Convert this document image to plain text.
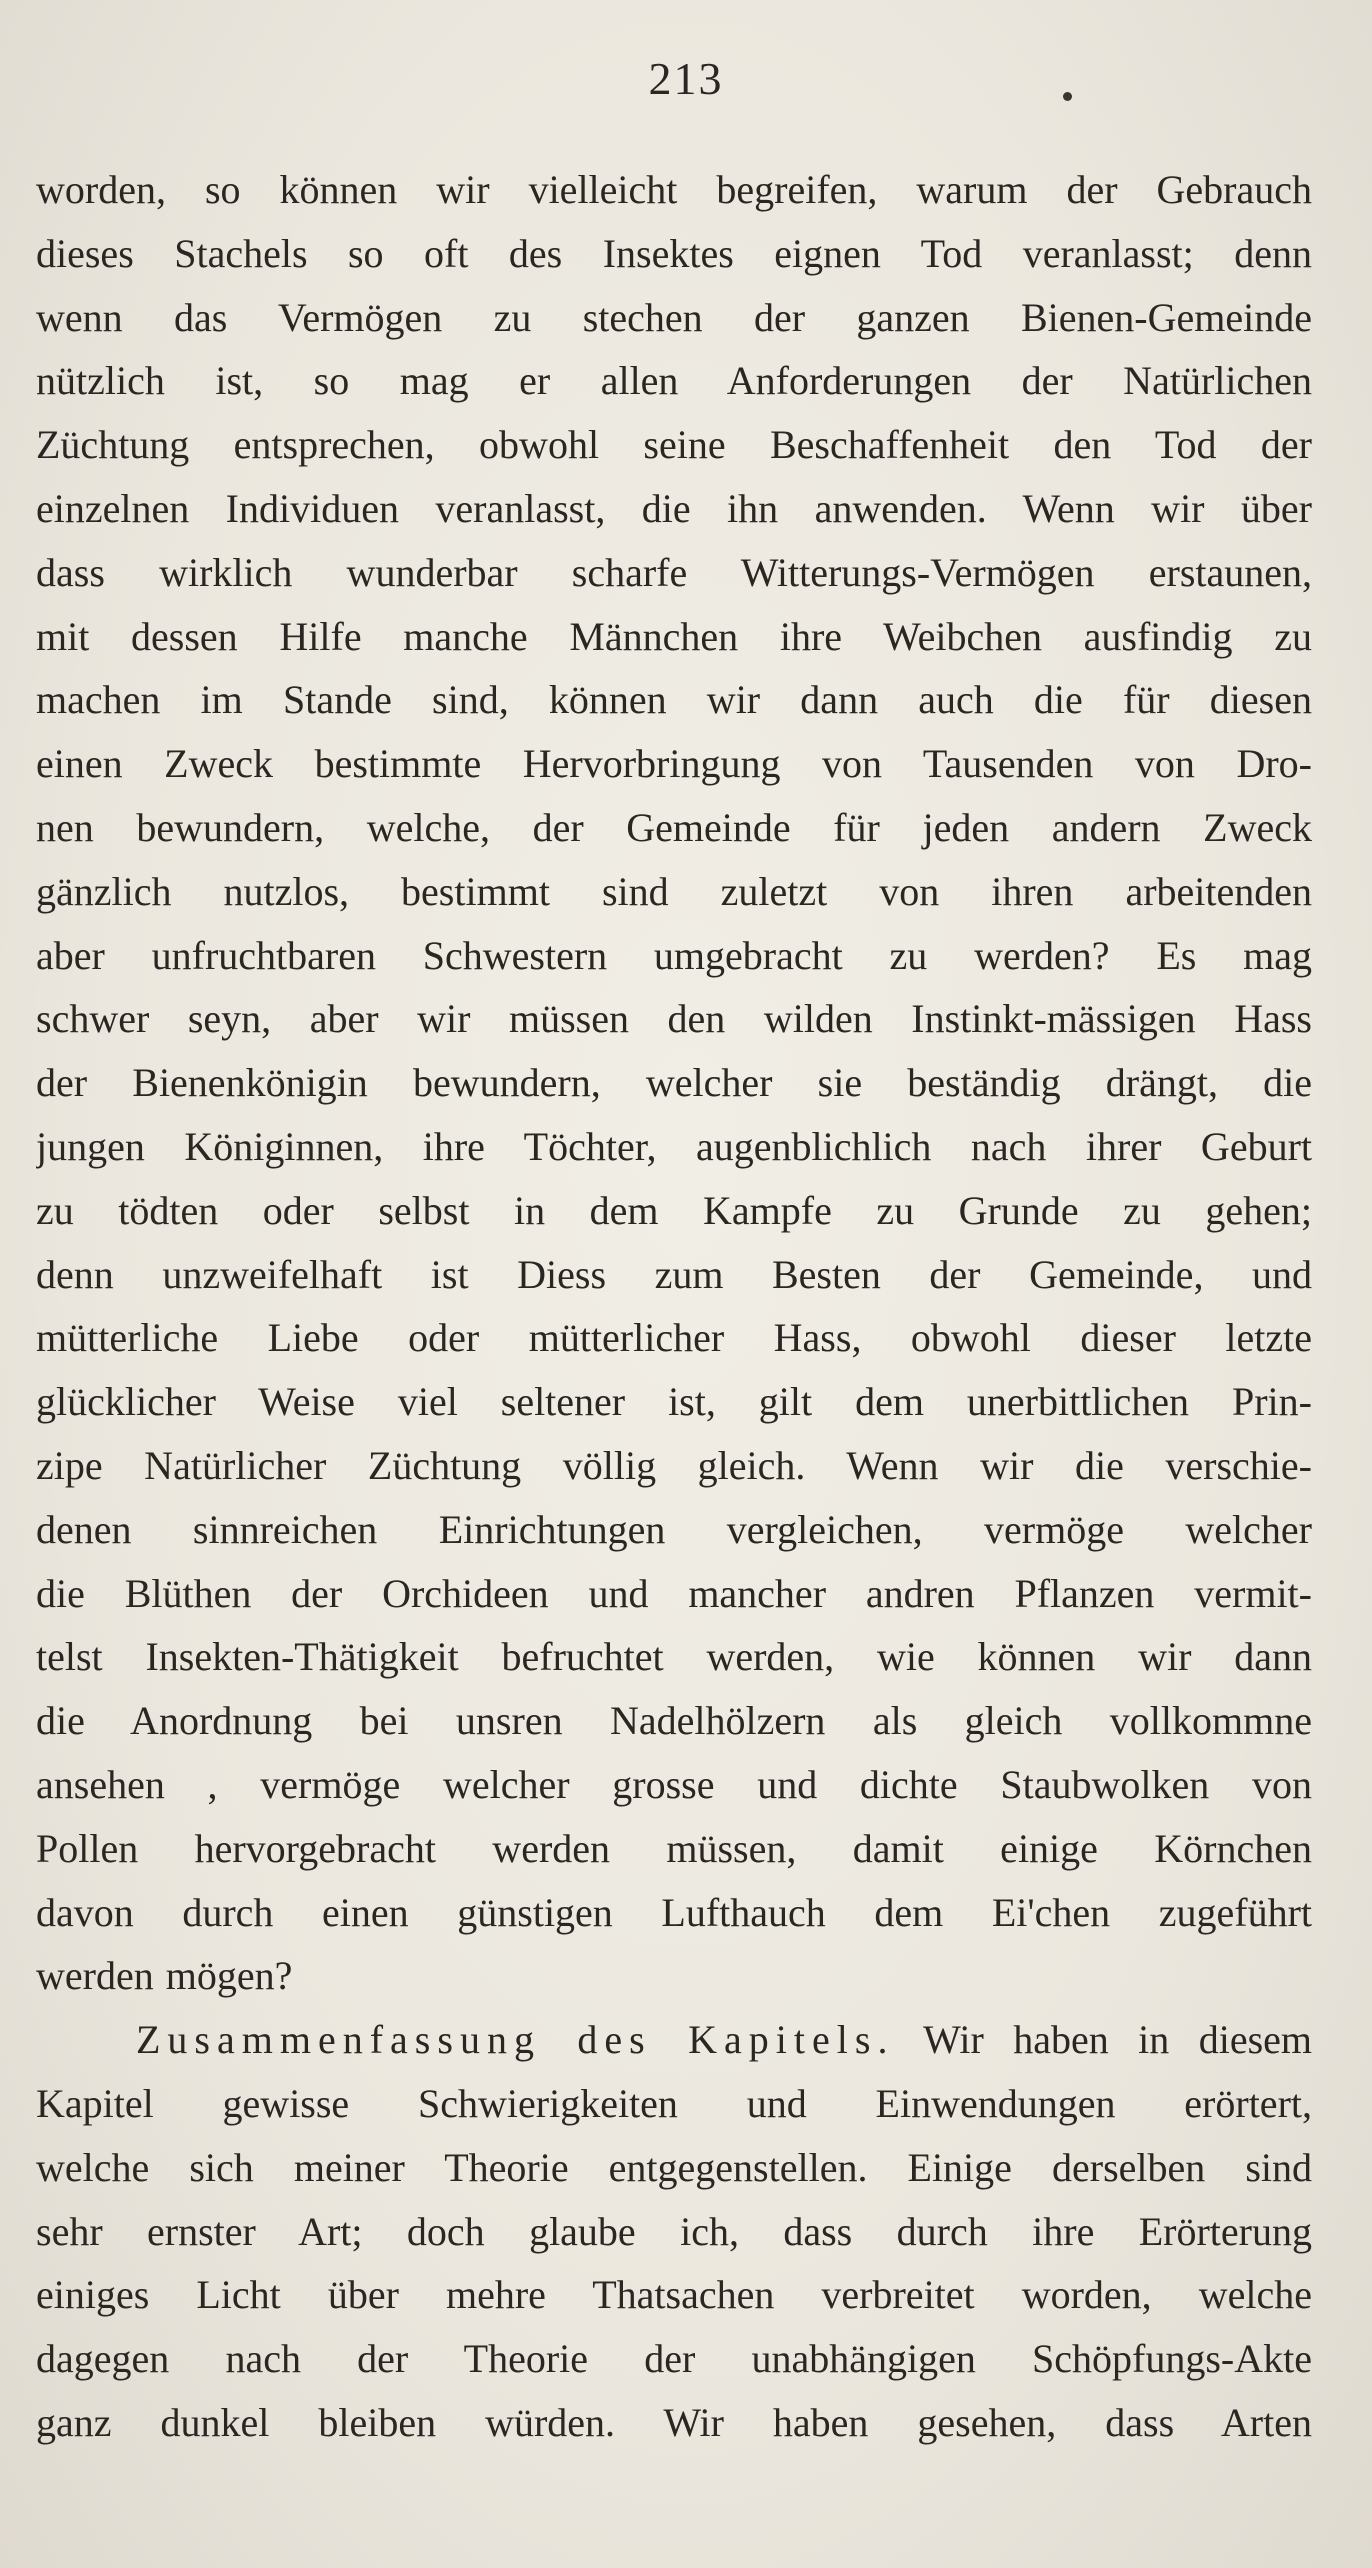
213
worden, so können wir vielleicht begreifen, warum der Gebrauch
dieses Stachels so oft des Insektes eignen Tod veranlasst; denn
wenn das Vermögen zu stechen der ganzen Bienen-Gemeinde
nützlich ist, so mag er allen Anforderungen der Natürlichen
Züchtung entsprechen, obwohl seine Beschaffenheit den Tod der
einzelnen Individuen veranlasst, die ihn anwenden. Wenn wir über
dass wirklich wunderbar scharfe Witterungs-Vermögen erstaunen,
mit dessen Hilfe manche Männchen ihre Weibchen ausfindig zu
machen im Stande sind, können wir dann auch die für diesen
einen Zweck bestimmte Hervorbringung von Tausenden von Dro-
nen bewundern, welche, der Gemeinde für jeden andern Zweck
gänzlich nutzlos, bestimmt sind zuletzt von ihren arbeitenden
aber unfruchtbaren Schwestern umgebracht zu werden? Es mag
schwer seyn, aber wir müssen den wilden Instinkt-mässigen Hass
der Bienenkönigin bewundern, welcher sie beständig drängt, die
jungen Königinnen, ihre Töchter, augenblichlich nach ihrer Geburt
zu tödten oder selbst in dem Kampfe zu Grunde zu gehen;
denn unzweifelhaft ist Diess zum Besten der Gemeinde, und
mütterliche Liebe oder mütterlicher Hass, obwohl dieser letzte
glücklicher Weise viel seltener ist, gilt dem unerbittlichen Prin-
zipe Natürlicher Züchtung völlig gleich. Wenn wir die verschie-
denen sinnreichen Einrichtungen vergleichen, vermöge welcher
die Blüthen der Orchideen und mancher andren Pflanzen vermit-
telst Insekten-Thätigkeit befruchtet werden, wie können wir dann
die Anordnung bei unsren Nadelhölzern als gleich vollkommne
ansehen , vermöge welcher grosse und dichte Staubwolken von
Pollen hervorgebracht werden müssen, damit einige Körnchen
davon durch einen günstigen Lufthauch dem Ei'chen zugeführt
werden mögen?
Zusammenfassung des Kapitels. Wir haben in diesem
Kapitel gewisse Schwierigkeiten und Einwendungen erörtert,
welche sich meiner Theorie entgegenstellen. Einige derselben sind
sehr ernster Art; doch glaube ich, dass durch ihre Erörterung
einiges Licht über mehre Thatsachen verbreitet worden, welche
dagegen nach der Theorie der unabhängigen Schöpfungs-Akte
ganz dunkel bleiben würden. Wir haben gesehen, dass Arten
